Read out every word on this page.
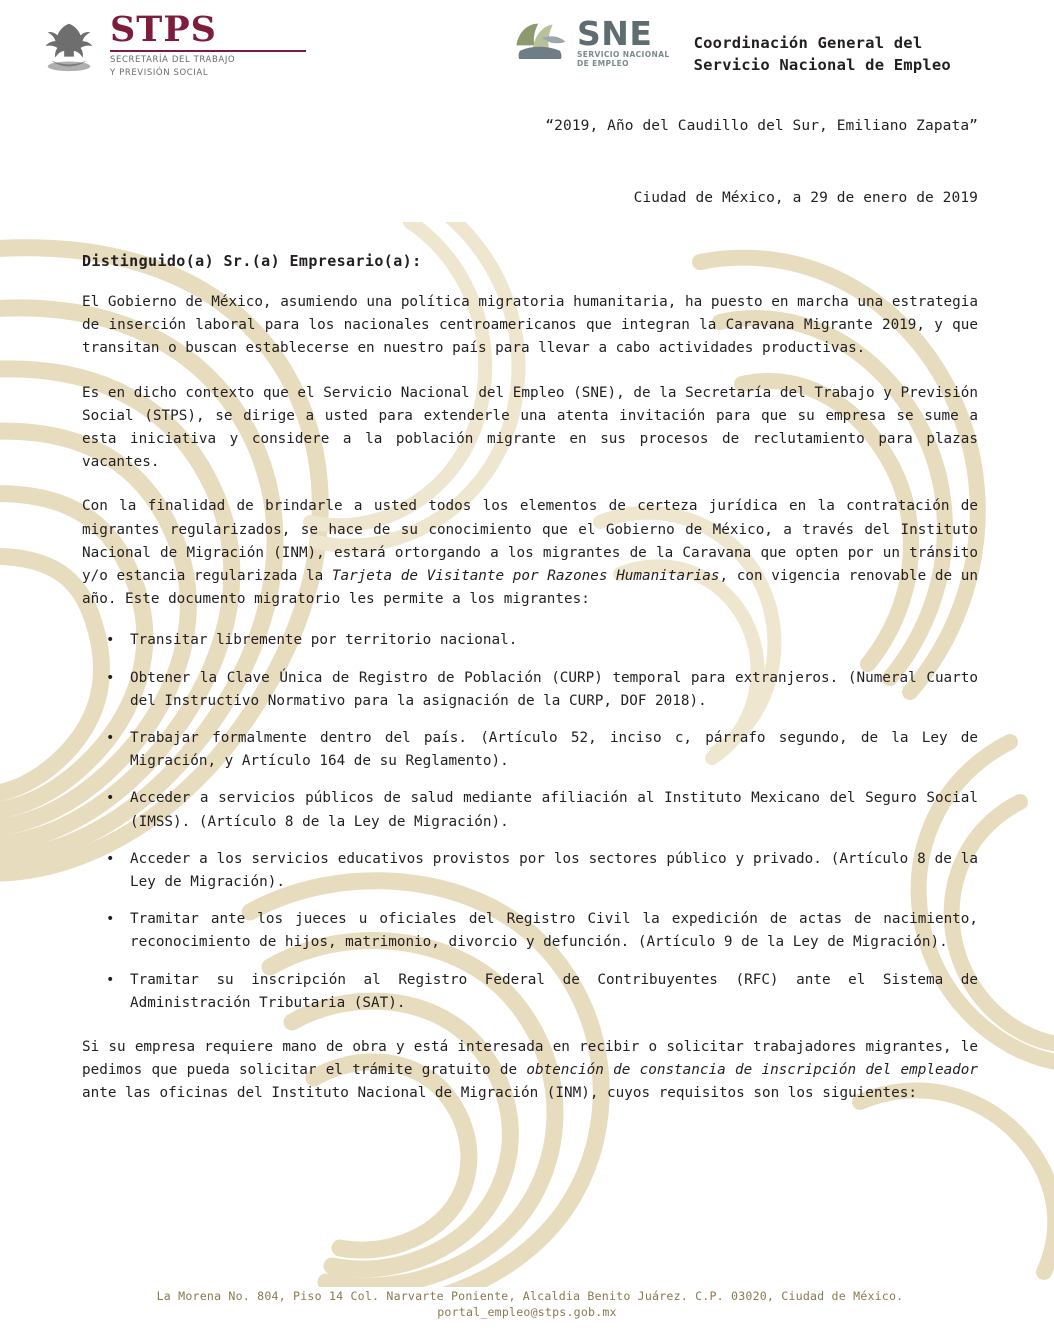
STPS
SECRETARÍA DEL TRABAJO
Y PREVISIÓN SOCIAL
SNE
SERVICIO NACIONAL
DE EMPLEO
Coordinación General del
Servicio Nacional de Empleo
“2019, Año del Caudillo del Sur, Emiliano Zapata”
Ciudad de México, a 29 de enero de 2019
Distinguido(a) Sr.(a) Empresario(a):

El Gobierno de México, asumiendo una política migratoria humanitaria, ha puesto en marcha una estrategia de inserción laboral para los nacionales centroamericanos que integran la Caravana Migrante 2019, y que transitan o buscan establecerse en nuestro país para llevar a cabo actividades productivas.

Es en dicho contexto que el Servicio Nacional del Empleo (SNE), de la Secretaría del Trabajo y Previsión Social (STPS), se dirige a usted para extenderle una atenta invitación para que su empresa se sume a esta iniciativa y considere a la población migrante en sus procesos de reclutamiento para plazas vacantes.

Con la finalidad de brindarle a usted todos los elementos de certeza jurídica en la contratación de migrantes regularizados, se hace de su conocimiento que el Gobierno de México, a través del Instituto Nacional de Migración (INM), estará ortorgando a los migrantes de la Caravana que opten por un tránsito y/o estancia regularizada la Tarjeta de Visitante por Razones Humanitarias, con vigencia renovable de un año. Este documento migratorio les permite a los migrantes:

• Transitar libremente por territorio nacional.
• Obtener la Clave Única de Registro de Población (CURP) temporal para extranjeros. (Numeral Cuarto del Instructivo Normativo para la asignación de la CURP, DOF 2018).
• Trabajar formalmente dentro del país. (Artículo 52, inciso c, párrafo segundo, de la Ley de Migración, y Artículo 164 de su Reglamento).
• Acceder a servicios públicos de salud mediante afiliación al Instituto Mexicano del Seguro Social (IMSS). (Artículo 8 de la Ley de Migración).
• Acceder a los servicios educativos provistos por los sectores público y privado. (Artículo 8 de la Ley de Migración).
• Tramitar ante los jueces u oficiales del Registro Civil la expedición de actas de nacimiento, reconocimiento de hijos, matrimonio, divorcio y defunción. (Artículo 9 de la Ley de Migración).
• Tramitar su inscripción al Registro Federal de Contribuyentes (RFC) ante el Sistema de Administración Tributaria (SAT).

Si su empresa requiere mano de obra y está interesada en recibir o solicitar trabajadores migrantes, le pedimos que pueda solicitar el trámite gratuito de obtención de constancia de inscripción del empleador ante las oficinas del Instituto Nacional de Migración (INM), cuyos requisitos son los siguientes:

La Morena No. 804, Piso 14 Col. Narvarte Poniente, Alcaldia Benito Juárez. C.P. 03020, Ciudad de México.
portal_empleo@stps.gob.mx
